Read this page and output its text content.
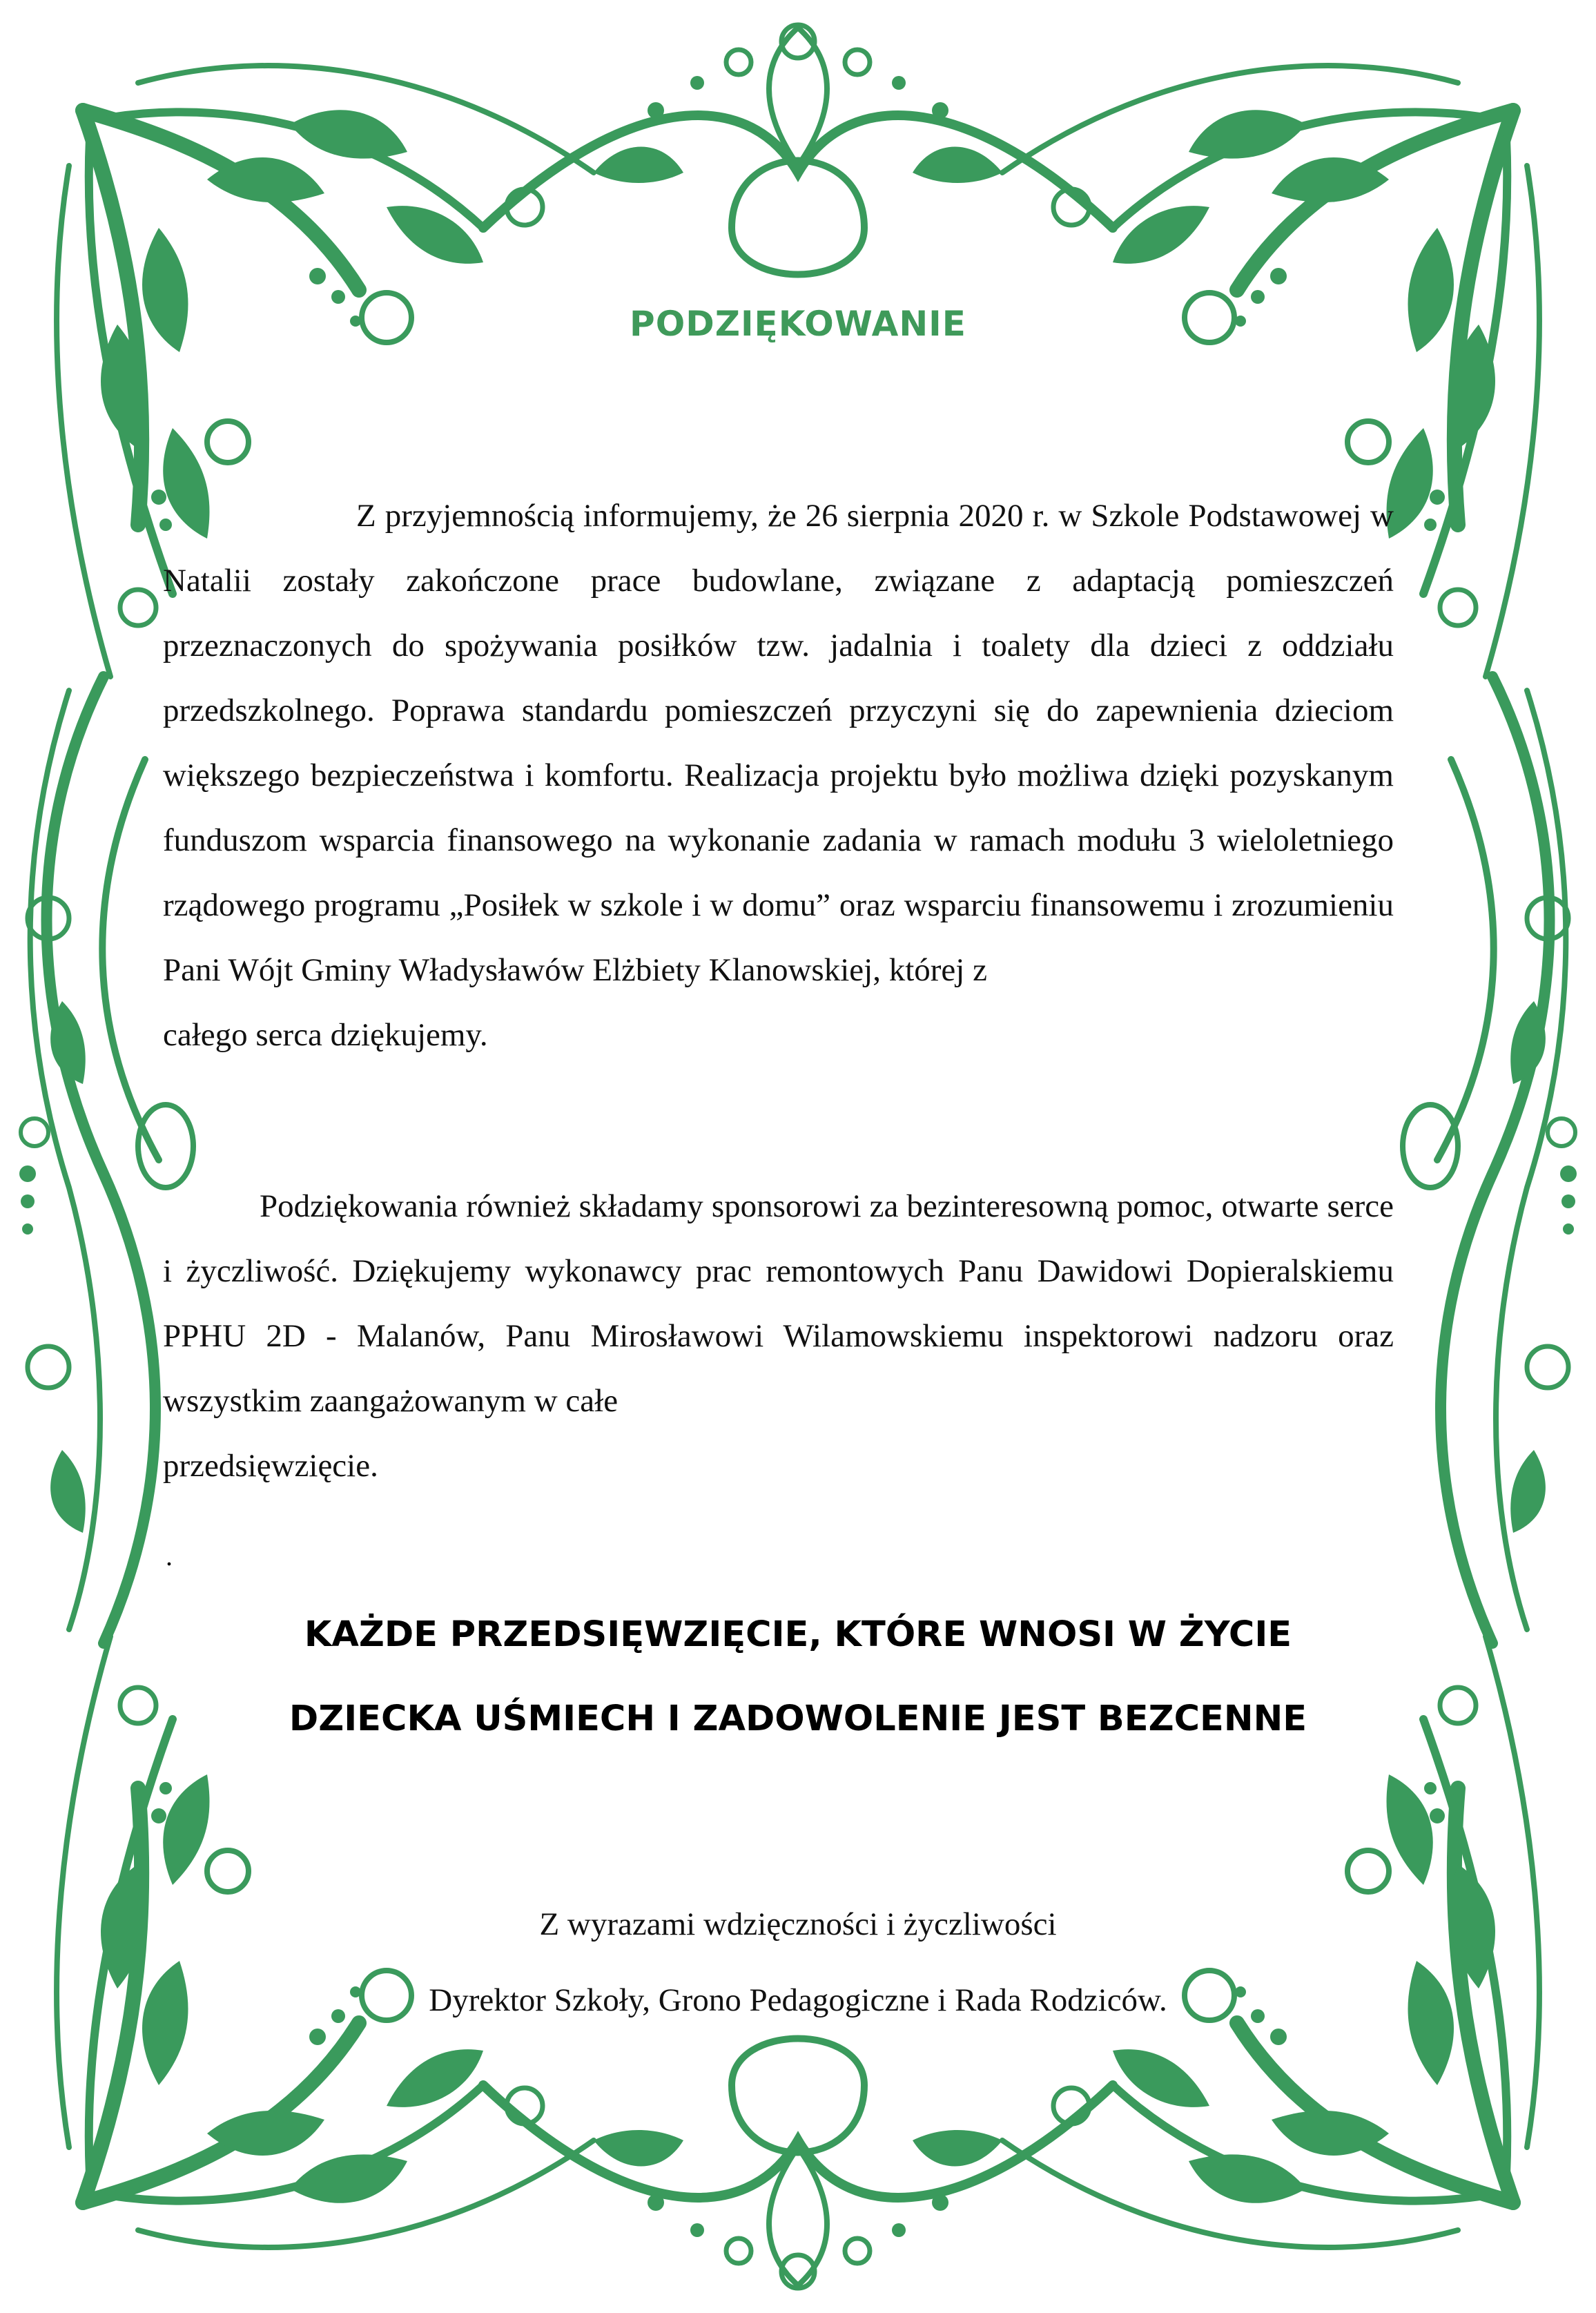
PODZIĘKOWANIE

Z przyjemnością informujemy, że 26 sierpnia 2020 r. w Szkole Podstawowej w Natalii zostały zakończone prace budowlane, związane z adaptacją pomieszczeń przeznaczonych do spożywania posiłków tzw. jadalnia i toalety dla dzieci z oddziału przedszkolnego. Poprawa standardu pomieszczeń przyczyni się do zapewnienia dzieciom większego bezpieczeństwa i komfortu. Realizacja projektu było możliwa dzięki pozyskanym funduszom wsparcia finansowego na wykonanie zadania w ramach modułu 3 wieloletniego rządowego programu „Posiłek w szkole i w domu” oraz wsparciu finansowemu i zrozumieniu Pani Wójt Gminy Władysławów Elżbiety Klanowskiej, której z
całego serca dziękujemy.

Podziękowania również składamy sponsorowi za bezinteresowną pomoc, otwarte serce i życzliwość. Dziękujemy wykonawcy prac remontowych Panu Dawidowi Dopieralskiemu PPHU 2D - Malanów, Panu Mirosławowi Wilamowskiemu inspektorowi nadzoru oraz wszystkim zaangażowanym w całe
przedsięwzięcie.

.

KAŻDE PRZEDSIĘWZIĘCIE, KTÓRE WNOSI W ŻYCIE

DZIECKA UŚMIECH I ZADOWOLENIE JEST BEZCENNE

Z wyrazami wdzięczności i życzliwości

Dyrektor Szkoły, Grono Pedagogiczne i Rada Rodziców.
